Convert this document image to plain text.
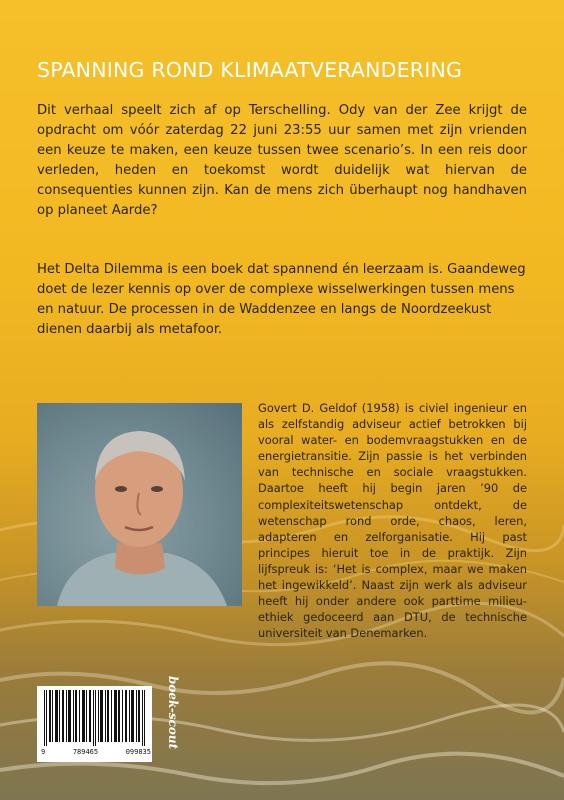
SPANNING ROND KLIMAATVERANDERING

Dit verhaal speelt zich af op Terschelling. Ody van der Zee krijgt de opdracht om vóór zaterdag 22 juni 23:55 uur samen met zijn vrienden een keuze te maken, een keuze tussen twee scenario’s. In een reis door verleden, heden en toekomst wordt duidelijk wat hiervan de consequenties kunnen zijn. Kan de mens zich überhaupt nog handhaven op planeet Aarde?

Het Delta Dilemma is een boek dat spannend én leerzaam is. Gaandeweg doet de lezer kennis op over de complexe wisselwerkingen tussen mens en natuur. De processen in de Waddenzee en langs de Noordzeekust dienen daarbij als metafoor.

Govert D. Geldof (1958) is civiel ingenieur en als zelfstandig adviseur actief betrokken bij vooral water- en bodemvraagstukken en de energietransitie. Zijn passie is het verbinden van technische en sociale vraagstukken. Daartoe heeft hij begin jaren ’90 de complexiteitswetenschap ontdekt, de wetenschap rond orde, chaos, leren, adapteren en zelforganisatie. Hij past principes hieruit toe in de praktijk. Zijn lijfspreuk is: ‘Het is complex, maar we maken het ingewikkeld’. Naast zijn werk als adviseur heeft hij onder andere ook parttime milieu-ethiek gedoceerd aan DTU, de technische universiteit van Denemarken.

9	789465	099835
boek-scout
